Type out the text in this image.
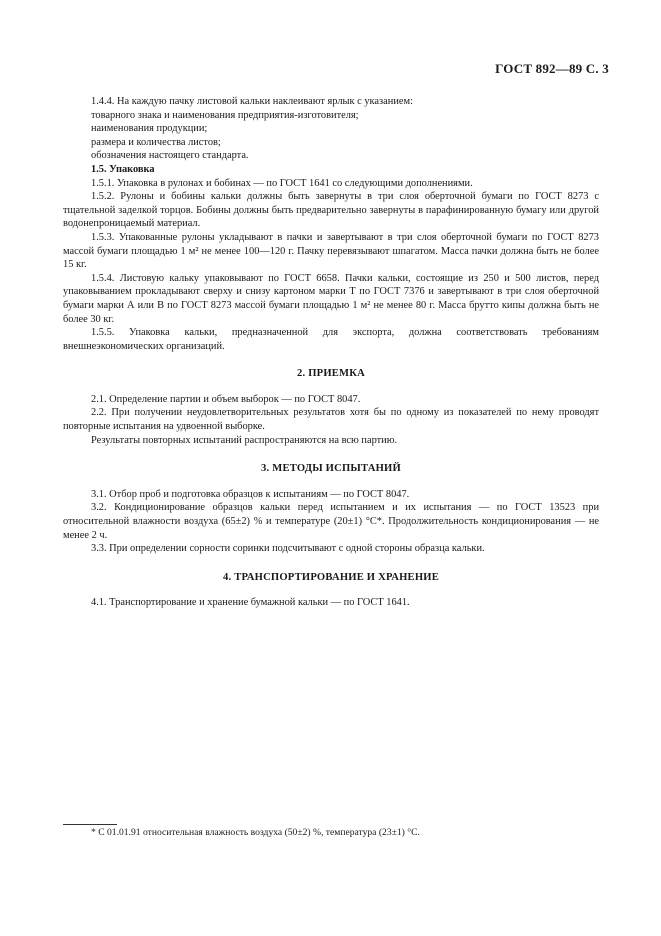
ГОСТ 892—89 С. 3

1.4.4. На каждую пачку листовой кальки наклеивают ярлык с указанием:

товарного знака и наименования предприятия-изготовителя;

наименования продукции;

размера и количества листов;

обозначения настоящего стандарта.

1.5. Упаковка

1.5.1. Упаковка в рулонах и бобинах — по ГОСТ 1641 со следующими дополнениями.

1.5.2. Рулоны и бобины кальки должны быть завернуты в три слоя оберточной бумаги по ГОСТ 8273 с тщательной заделкой торцов. Бобины должны быть предварительно завернуты в парафинированную бумагу или другой водонепроницаемый материал.

1.5.3. Упакованные рулоны укладывают в пачки и завертывают в три слоя оберточной бумаги по ГОСТ 8273 массой бумаги площадью 1 м² не менее 100—120 г. Пачку перевязывают шпагатом. Масса пачки должна быть не более 15 кг.

1.5.4. Листовую кальку упаковывают по ГОСТ 6658. Пачки кальки, состоящие из 250 и 500 листов, перед упаковыванием прокладывают сверху и снизу картоном марки Т по ГОСТ 7376 и завертывают в три слоя оберточной бумаги марки А или В по ГОСТ 8273 массой бумаги площадью 1 м² не менее 80 г. Масса брутто кипы должна быть не более 30 кг.

1.5.5. Упаковка кальки, предназначенной для экспорта, должна соответствовать требованиям внешнеэкономических организаций.

2. ПРИЕМКА

2.1. Определение партии и объем выборок — по ГОСТ 8047.

2.2. При получении неудовлетворительных результатов хотя бы по одному из показателей по нему проводят повторные испытания на удвоенной выборке.

Результаты повторных испытаний распространяются на всю партию.

3. МЕТОДЫ ИСПЫТАНИЙ

3.1. Отбор проб и подготовка образцов к испытаниям — по ГОСТ 8047.

3.2. Кондиционирование образцов кальки перед испытанием и их испытания — по ГОСТ 13523 при относительной влажности воздуха (65±2) % и температуре (20±1) °С*. Продолжительность кондиционирования — не менее 2 ч.

3.3. При определении сорности соринки подсчитывают с одной стороны образца кальки.

4. ТРАНСПОРТИРОВАНИЕ И ХРАНЕНИЕ

4.1. Транспортирование и хранение бумажной кальки — по ГОСТ 1641.

* С 01.01.91 относительная влажность воздуха (50±2) %, температура (23±1) °С.
